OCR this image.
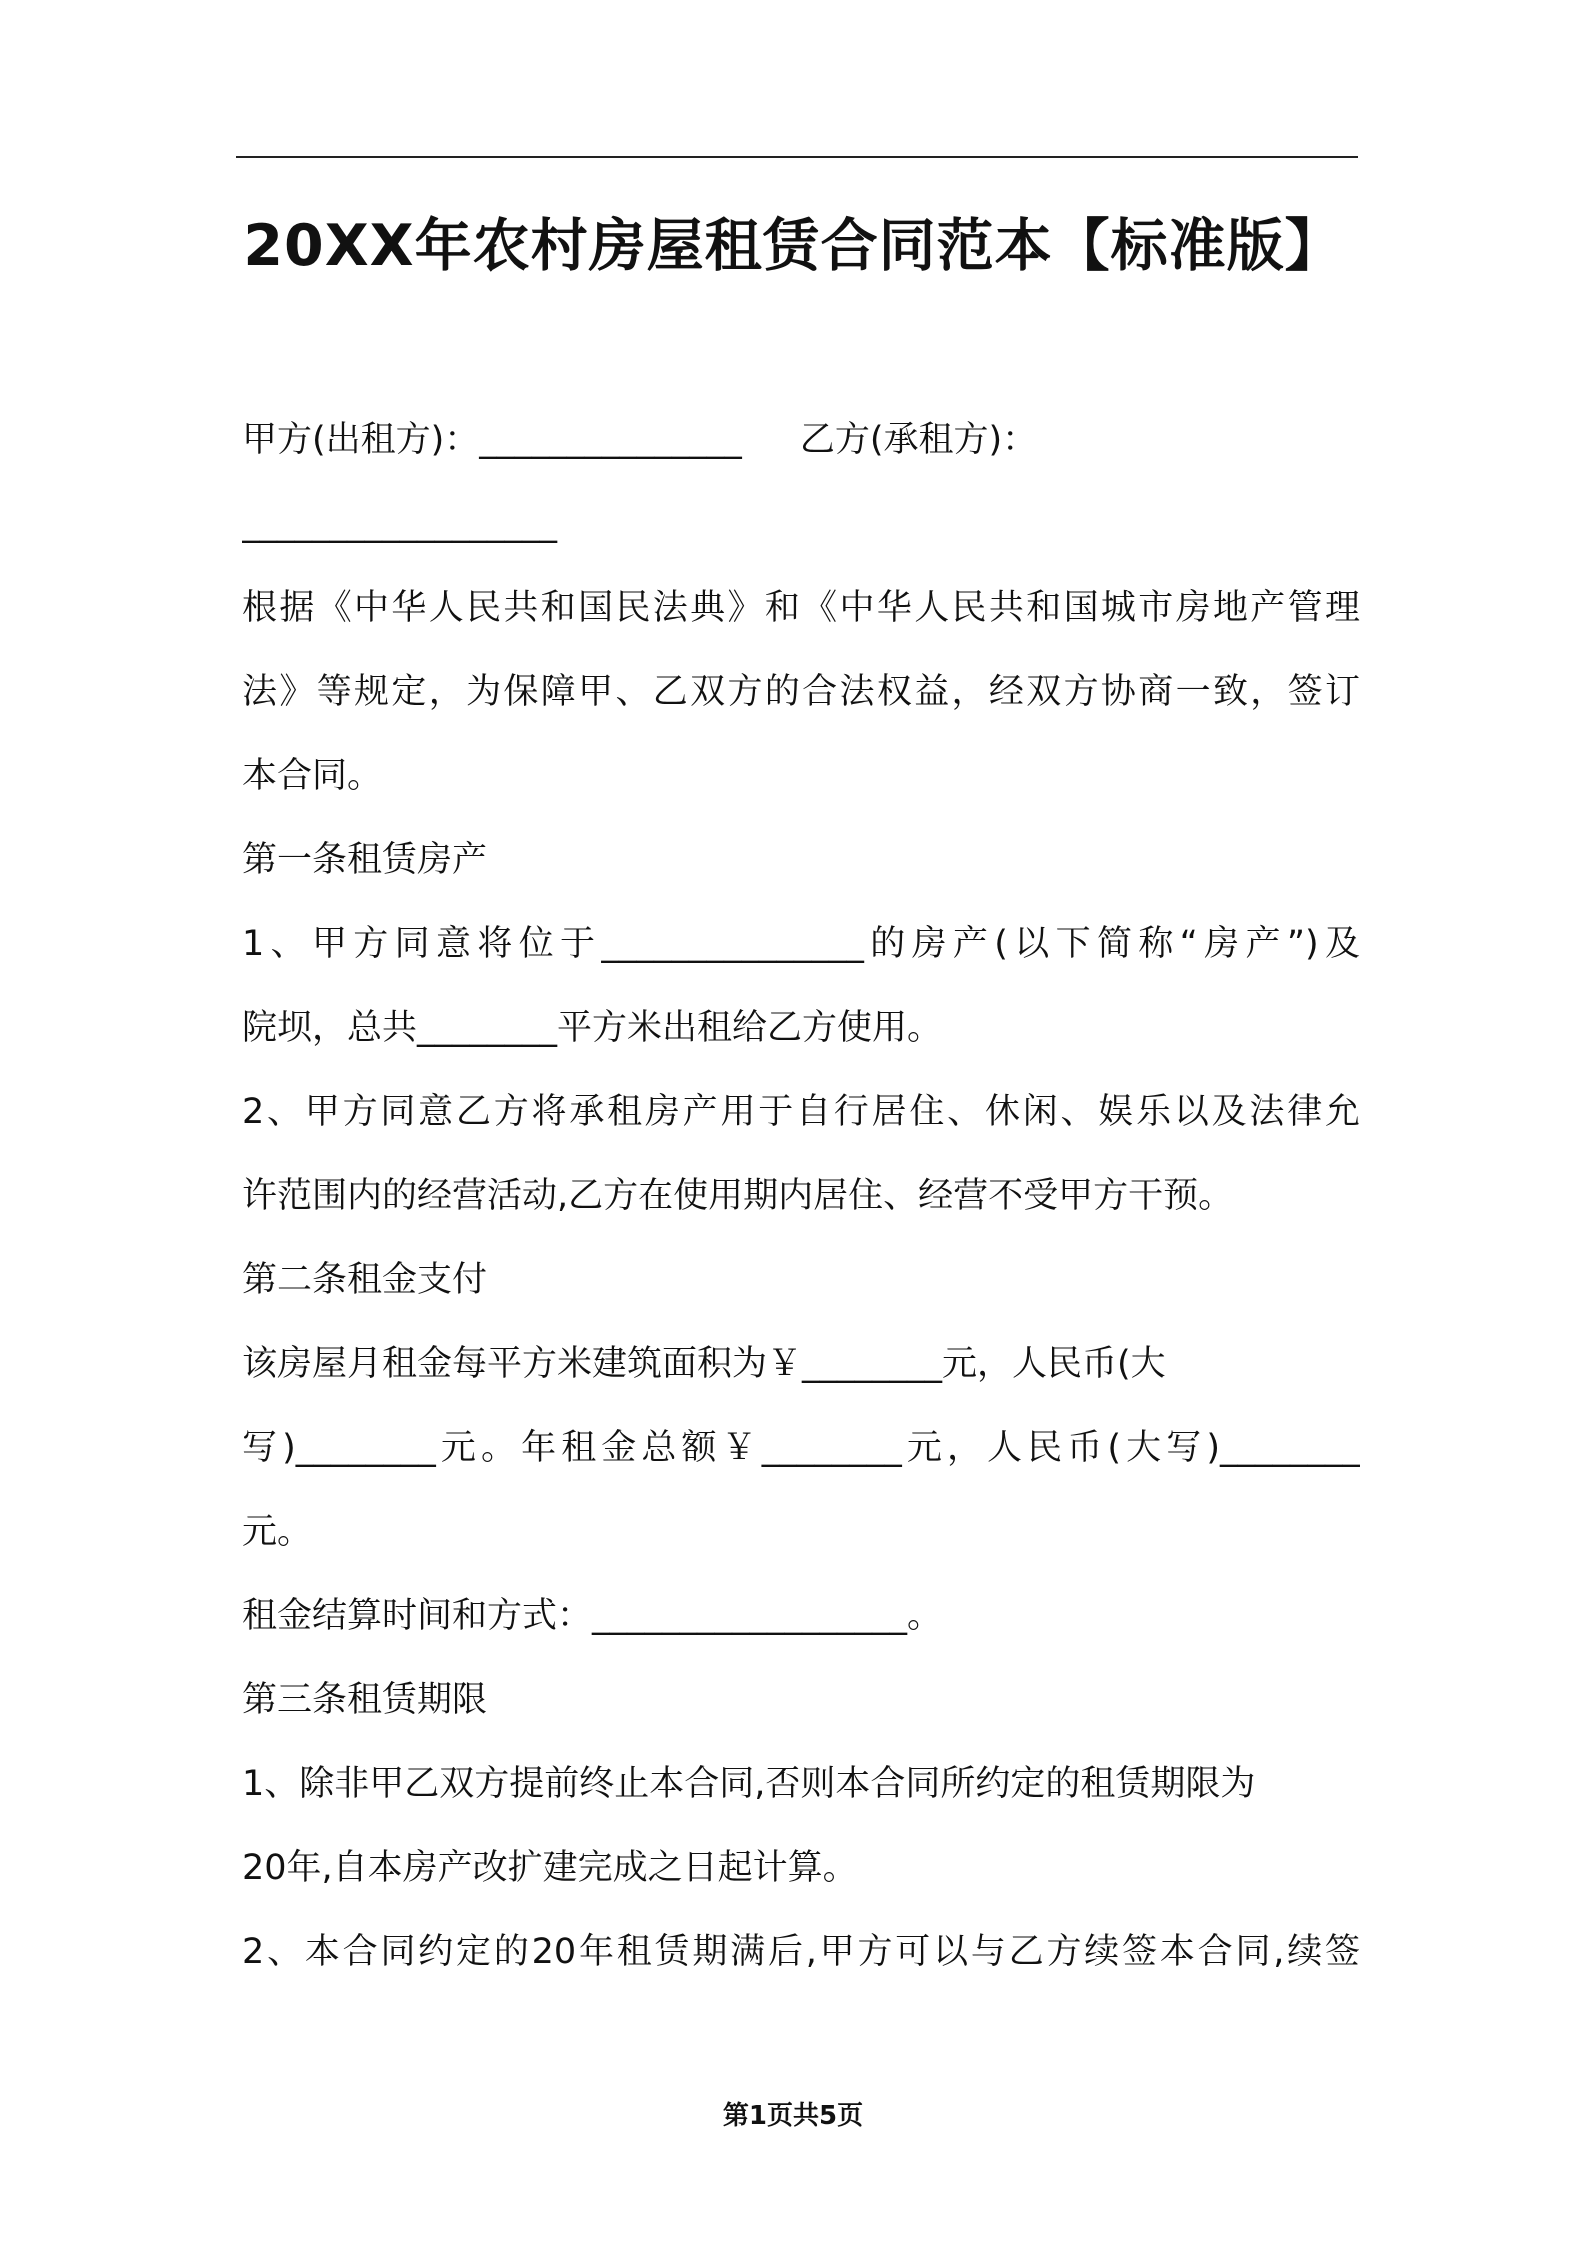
20XX年农村房屋租赁合同范本【标准版】
甲方(出租方)：_______________ 乙方(承租方)：
__________________
根据《中华人民共和国民法典》和《中华人民共和国城市房地产管理
法》等规定，为保障甲、乙双方的合法权益，经双方协商一致，签订
本合同。
第一条租赁房产
1、甲方同意将位于_______________的房产(以下简称“房产”)及
院坝，总共________平方米出租给乙方使用。
2、甲方同意乙方将承租房产用于自行居住、休闲、娱乐以及法律允
许范围内的经营活动,乙方在使用期内居住、经营不受甲方干预。
第二条租金支付
该房屋月租金每平方米建筑面积为￥________元，人民币(大
写)________元。年租金总额￥________元，人民币(大写)________
元。
租金结算时间和方式：__________________。
第三条租赁期限
1、除非甲乙双方提前终止本合同,否则本合同所约定的租赁期限为
20年,自本房产改扩建完成之日起计算。
2、本合同约定的20年租赁期满后,甲方可以与乙方续签本合同,续签
第1页共5页
